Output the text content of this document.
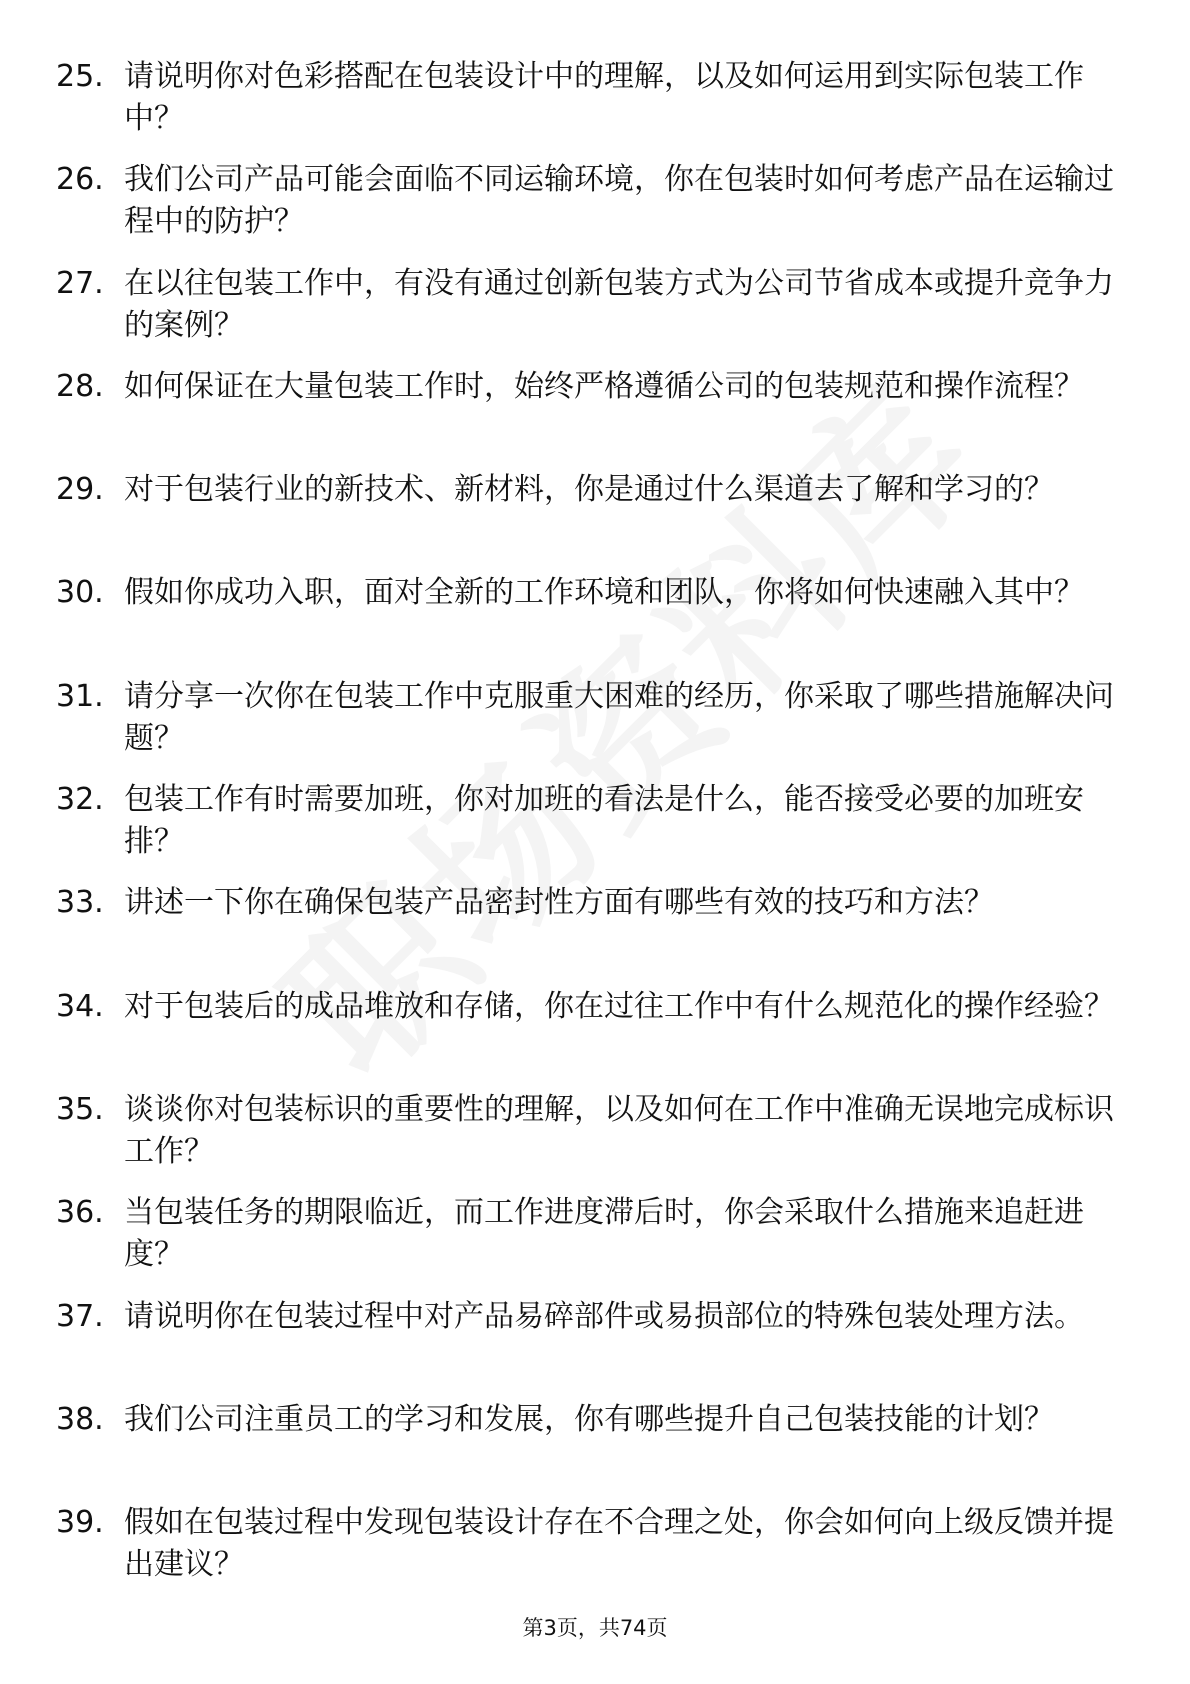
25. 请说明你对色彩搭配在包装设计中的理解，以及如何运用到实际包装工作中？
26. 我们公司产品可能会面临不同运输环境，你在包装时如何考虑产品在运输过程中的防护？
27. 在以往包装工作中，有没有通过创新包装方式为公司节省成本或提升竞争力的案例？
28. 如何保证在大量包装工作时，始终严格遵循公司的包装规范和操作流程？
29. 对于包装行业的新技术、新材料，你是通过什么渠道去了解和学习的？
30. 假如你成功入职，面对全新的工作环境和团队，你将如何快速融入其中？
31. 请分享一次你在包装工作中克服重大困难的经历，你采取了哪些措施解决问题？
32. 包装工作有时需要加班，你对加班的看法是什么，能否接受必要的加班安排？
33. 讲述一下你在确保包装产品密封性方面有哪些有效的技巧和方法？
34. 对于包装后的成品堆放和存储，你在过往工作中有什么规范化的操作经验？
35. 谈谈你对包装标识的重要性的理解，以及如何在工作中准确无误地完成标识工作？
36. 当包装任务的期限临近，而工作进度滞后时，你会采取什么措施来追赶进度？
37. 请说明你在包装过程中对产品易碎部件或易损部位的特殊包装处理方法。
38. 我们公司注重员工的学习和发展，你有哪些提升自己包装技能的计划？
39. 假如在包装过程中发现包装设计存在不合理之处，你会如何向上级反馈并提出建议？
第3页，共74页
